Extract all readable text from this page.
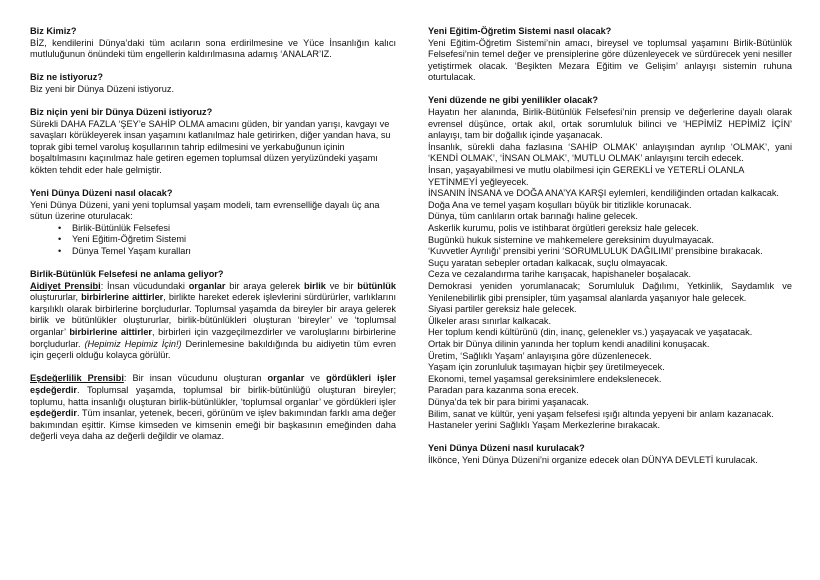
Biz Kimiz?

BİZ, kendilerini Dünya’daki tüm acıların sona erdirilmesine ve Yüce İnsanlığın kalıcı mutluluğunun önündeki tüm engellerin kaldırılmasına adamış ‘ANALAR’IZ.

Biz ne istiyoruz?

Biz yeni bir Dünya Düzeni istiyoruz.

Biz niçin yeni bir Dünya Düzeni istiyoruz?

Sürekli DAHA FAZLA ‘ŞEY’e SAHİP OLMA amacını güden, bir yandan yarışı, kavgayı ve savaşları körükleyerek insan yaşamını katlanılmaz hale getirirken, diğer yandan hava, su toprak gibi temel varoluş koşullarının tahrip edilmesini ve yerkabuğunun içinin boşaltılmasını kaçınılmaz hale getiren egemen toplumsal düzen yeryüzündeki yaşamı kökten tehdit eder hale gelmiştir.

Yeni Dünya Düzeni nasıl olacak?

Yeni Dünya Düzeni, yani yeni toplumsal yaşam modeli, tam evrenselliğe dayalı üç ana sütun üzerine oturulacak:

• Birlik-Bütünlük Felsefesi
• Yeni Eğitim-Öğretim Sistemi
• Dünya Temel Yaşam kuralları
Birlik-Bütünlük Felsefesi ne anlama geliyor?

Aidiyet Prensibi: İnsan vücudundaki organlar bir araya gelerek birlik ve bir bütünlük oluştururlar, birbirlerine aittirler, birlikte hareket ederek işlevlerini sürdürürler, varlıklarını karşılıklı olarak birbirlerine borçludurlar. Toplumsal yaşamda da bireyler bir araya gelerek birlik ve bütünlükler oluştururlar, birlik-bütünlükleri oluşturan ‘bireyler’ ve ‘toplumsal organlar’ birbirlerine aittirler, birbirleri için vazgeçilmezdirler ve varoluşlarını birbirlerine borçludurlar. (Hepimiz Hepimiz İçin!) Derinlemesine bakıldığında bu aidiyetin tüm evren için geçerli olduğu kolayca görülür.

Eşdeğerlilik Prensibi: Bir insan vücudunu oluşturan organlar ve gördükleri işler eşdeğerdir. Toplumsal yaşamda, toplumsal bir birlik-bütünlüğü oluşturan bireyler; toplumu, hatta insanlığı oluşturan birlik-bütünlükler, ‘toplumsal organlar’ ve gördükleri işler eşdeğerdir. Tüm insanlar, yetenek, beceri, görünüm ve işlev bakımından farklı ama değer bakımından eşittir. Kimse kimseden ve kimsenin emeği bir başkasının emeğinden daha değerli veya daha az değerli değildir ve olamaz.

Yeni Eğitim-Öğretim Sistemi nasıl olacak?

Yeni Eğitim-Öğretim Sistemi’nin amacı, bireysel ve toplumsal yaşamını Birlik-Bütünlük Felsefesi’nin temel değer ve prensiplerine göre düzenleyecek ve sürdürecek yeni nesiller yetiştirmek olacak. ‘Beşikten Mezara Eğitim ve Gelişim’ anlayışı sistemin ruhuna oturtulacak.

Yeni düzende ne gibi yenilikler olacak?

Hayatın her alanında, Birlik-Bütünlük Felsefesi’nin prensip ve değerlerine dayalı olarak evrensel düşünce, ortak akıl, ortak sorumluluk bilinci ve ‘HEPİMİZ HEPİMİZ İÇİN’ anlayışı, tam bir doğallık içinde yaşanacak.

İnsanlık, sürekli daha fazlasına ‘SAHİP OLMAK’ anlayışından ayrılıp ‘OLMAK’, yani ‘KENDİ OLMAK’, ‘İNSAN OLMAK’, ‘MUTLU OLMAK’ anlayışını tercih edecek.

İnsan, yaşayabilmesi ve mutlu olabilmesi için GEREKLİ ve YETERLİ OLANLA YETİNMEYİ yeğleyecek.

İNSANIN İNSANA ve DOĞA ANA’YA KARŞI eylemleri, kendiliğinden ortadan kalkacak.

Doğa Ana ve temel yaşam koşulları büyük bir titizlikle korunacak.

Dünya, tüm canlıların ortak barınağı haline gelecek.

Askerlik kurumu, polis ve istihbarat örgütleri gereksiz hale gelecek.

Bugünkü hukuk sistemine ve mahkemelere gereksinim duyulmayacak.

‘Kuvvetler Ayrılığı’ prensibi yerini ‘SORUMLULUK DAĞILIMI’ prensibine bırakacak.

Suçu yaratan sebepler ortadan kalkacak, suçlu olmayacak.

Ceza ve cezalandırma tarihe karışacak, hapishaneler boşalacak.

Demokrasi yeniden yorumlanacak; Sorumluluk Dağılımı, Yetkinlik, Saydamlık ve Yenilenebilirlik gibi prensipler, tüm yaşamsal alanlarda yaşanıyor hale gelecek.

Siyasi partiler gereksiz hale gelecek.

Ülkeler arası sınırlar kalkacak.

Her toplum kendi kültürünü (din, inanç, gelenekler vs.) yaşayacak ve yaşatacak.

Ortak bir Dünya dilinin yanında her toplum kendi anadilini konuşacak.

Üretim, ‘Sağlıklı Yaşam’ anlayışına göre düzenlenecek.

Yaşam için zorunluluk taşımayan hiçbir şey üretilmeyecek.

Ekonomi, temel yaşamsal gereksinimlere endekslenecek.

Paradan para kazanma sona erecek.

Dünya’da tek bir para birimi yaşanacak.

Bilim, sanat ve kültür, yeni yaşam felsefesi ışığı altında yepyeni bir anlam kazanacak.

Hastaneler yerini Sağlıklı Yaşam Merkezlerine bırakacak.

Yeni Dünya Düzeni nasıl kurulacak?

İlkönce, Yeni Dünya Düzeni’ni organize edecek olan DÜNYA DEVLETİ kurulacak.
